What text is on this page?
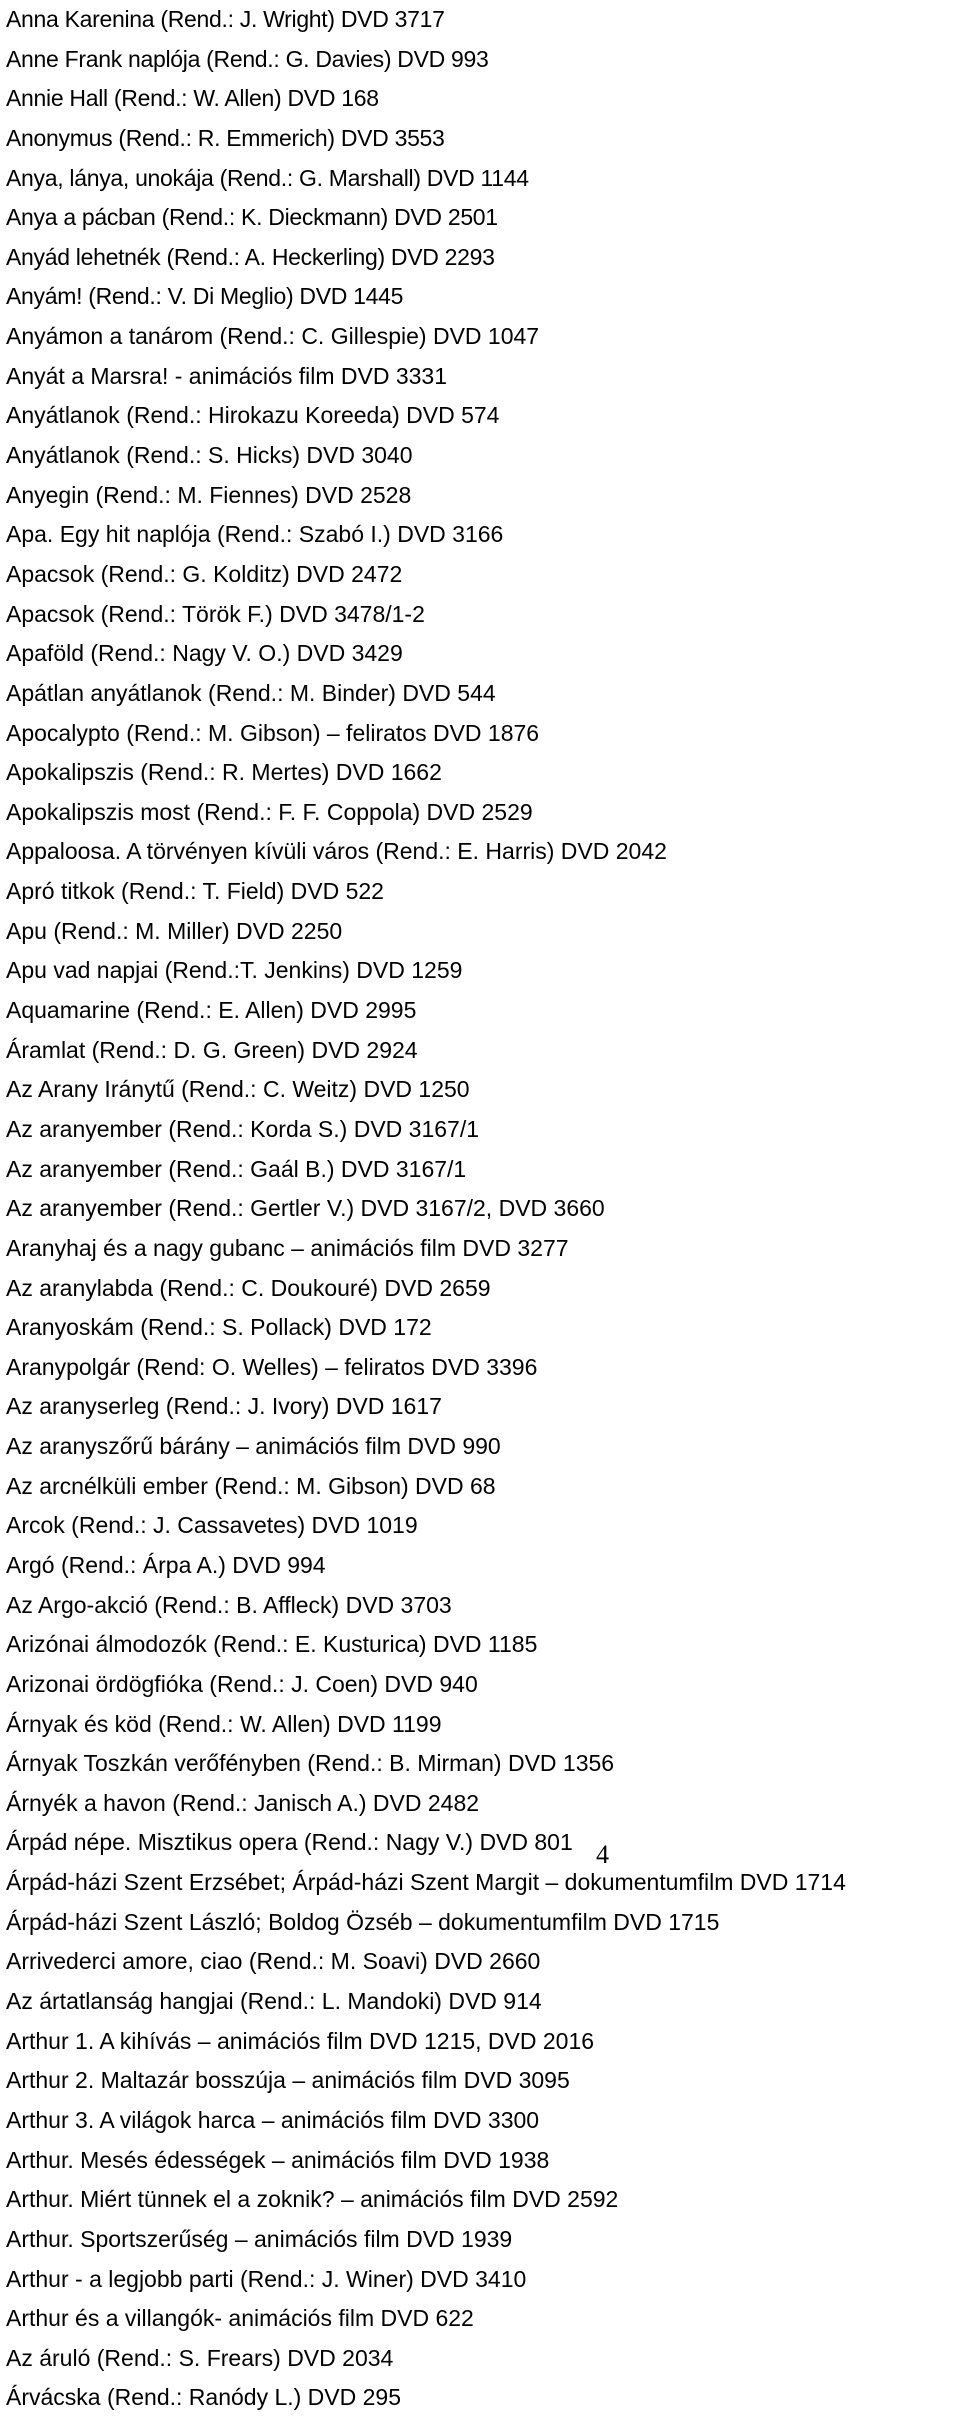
Anna Karenina (Rend.: J. Wright) DVD 3717
Anne Frank naplója (Rend.: G. Davies) DVD 993
Annie Hall (Rend.: W. Allen) DVD 168
Anonymus (Rend.: R. Emmerich) DVD 3553
Anya, lánya, unokája (Rend.: G. Marshall) DVD 1144
Anya a pácban (Rend.: K. Dieckmann) DVD 2501
Anyád lehetnék (Rend.: A. Heckerling) DVD 2293
Anyám! (Rend.: V. Di Meglio) DVD 1445
Anyámon a tanárom (Rend.: C. Gillespie) DVD 1047
Anyát a Marsra! - animációs film DVD 3331
Anyátlanok (Rend.: Hirokazu Koreeda) DVD 574
Anyátlanok (Rend.: S. Hicks) DVD 3040
Anyegin (Rend.: M. Fiennes) DVD 2528
Apa. Egy hit naplója (Rend.: Szabó I.) DVD 3166
Apacsok (Rend.: G. Kolditz) DVD 2472
Apacsok (Rend.: Török F.) DVD 3478/1-2
Apaföld (Rend.: Nagy V. O.) DVD 3429
Apátlan anyátlanok (Rend.: M. Binder) DVD 544
Apocalypto (Rend.: M. Gibson) – feliratos DVD 1876
Apokalipszis (Rend.: R. Mertes) DVD 1662
Apokalipszis most (Rend.: F. F. Coppola) DVD 2529
Appaloosa. A törvényen kívüli város (Rend.: E. Harris) DVD 2042
Apró titkok (Rend.: T. Field) DVD 522
Apu (Rend.: M. Miller) DVD 2250
Apu vad napjai (Rend.:T. Jenkins) DVD 1259
Aquamarine (Rend.: E. Allen) DVD 2995
Áramlat (Rend.: D. G. Green) DVD 2924
Az Arany Iránytű (Rend.: C. Weitz) DVD 1250
Az aranyember (Rend.: Korda S.) DVD 3167/1
Az aranyember (Rend.: Gaál B.) DVD 3167/1
Az aranyember (Rend.: Gertler V.) DVD 3167/2, DVD 3660
Aranyhaj és a nagy gubanc – animációs film DVD 3277
Az aranylabda (Rend.: C. Doukouré) DVD 2659
Aranyoskám (Rend.: S. Pollack) DVD 172
Aranypolgár (Rend: O. Welles) – feliratos DVD 3396
Az aranyserleg (Rend.: J. Ivory) DVD 1617
Az aranyszőrű bárány – animációs film DVD 990
Az arcnélküli ember (Rend.: M. Gibson) DVD 68
Arcok (Rend.: J. Cassavetes) DVD 1019
Argó (Rend.: Árpa A.) DVD 994
Az Argo-akció (Rend.: B. Affleck) DVD 3703
Arizónai álmodozók (Rend.: E. Kusturica) DVD 1185
Arizonai ördögfióka (Rend.: J. Coen) DVD 940
Árnyak és köd (Rend.: W. Allen) DVD 1199
Árnyak Toszkán verőfényben (Rend.: B. Mirman) DVD 1356
Árnyék a havon (Rend.: Janisch A.) DVD 2482
Árpád népe. Misztikus opera (Rend.: Nagy V.) DVD 801
Árpád-házi Szent Erzsébet; Árpád-házi Szent Margit – dokumentumfilm DVD 1714
Árpád-házi Szent László; Boldog Özséb – dokumentumfilm DVD 1715
Arrivederci amore, ciao (Rend.: M. Soavi) DVD 2660
Az ártatlanság hangjai (Rend.: L. Mandoki) DVD 914
Arthur 1. A kihívás – animációs film DVD 1215, DVD 2016
Arthur 2. Maltazár bosszúja – animációs film DVD 3095
Arthur 3. A világok harca – animációs film DVD 3300
Arthur. Mesés édességek – animációs film DVD 1938
Arthur. Miért tünnek el a zoknik? – animációs film DVD 2592
Arthur. Sportszerűség – animációs film DVD 1939
Arthur - a legjobb parti (Rend.: J. Winer) DVD 3410
Arthur és a villangók- animációs film DVD 622
Az áruló (Rend.: S. Frears) DVD 2034
Árvácska (Rend.: Ranódy L.) DVD 295
4
